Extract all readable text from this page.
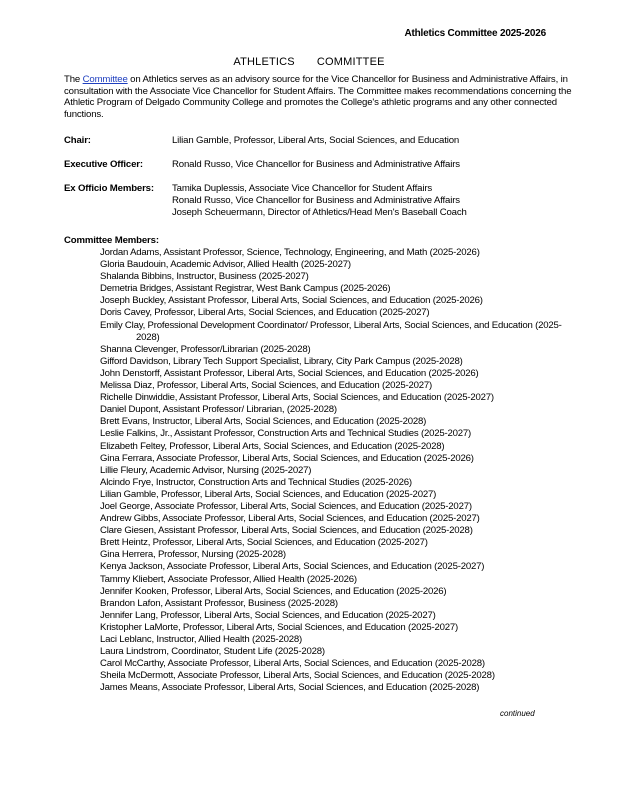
Athletics Committee 2025-2026
ATHLETICS COMMITTEE
The Committee on Athletics serves as an advisory source for the Vice Chancellor for Business and Administrative Affairs, in consultation with the Associate Vice Chancellor for Student Affairs. The Committee makes recommendations concerning the Athletic Program of Delgado Community College and promotes the College's athletic programs and any other connected functions.
Chair:	Lilian Gamble, Professor, Liberal Arts, Social Sciences, and Education
Executive Officer:	Ronald Russo, Vice Chancellor for Business and Administrative Affairs
Ex Officio Members: Tamika Duplessis, Associate Vice Chancellor for Student Affairs
Ronald Russo, Vice Chancellor for Business and Administrative Affairs
Joseph Scheuermann, Director of Athletics/Head Men's Baseball Coach
Committee Members:
Jordan Adams, Assistant Professor, Science, Technology, Engineering, and Math (2025-2026)
Gloria Baudouin, Academic Advisor, Allied Health (2025-2027)
Shalanda Bibbins, Instructor, Business (2025-2027)
Demetria Bridges, Assistant Registrar, West Bank Campus (2025-2026)
Joseph Buckley, Assistant Professor, Liberal Arts, Social Sciences, and Education (2025-2026)
Doris Cavey, Professor, Liberal Arts, Social Sciences, and Education (2025-2027)
Emily Clay, Professional Development Coordinator/ Professor, Liberal Arts, Social Sciences, and Education (2025-2028)
Shanna Clevenger, Professor/Librarian (2025-2028)
Gifford Davidson, Library Tech Support Specialist, Library, City Park Campus (2025-2028)
John Denstorff, Assistant Professor, Liberal Arts, Social Sciences, and Education (2025-2026)
Melissa Diaz, Professor, Liberal Arts, Social Sciences, and Education (2025-2027)
Richelle Dinwiddie, Assistant Professor, Liberal Arts, Social Sciences, and Education (2025-2027)
Daniel Dupont, Assistant Professor/ Librarian, (2025-2028)
Brett Evans, Instructor, Liberal Arts, Social Sciences, and Education (2025-2028)
Leslie Falkins, Jr., Assistant Professor, Construction Arts and Technical Studies (2025-2027)
Elizabeth Feltey, Professor, Liberal Arts, Social Sciences, and Education (2025-2028)
Gina Ferrara, Associate Professor, Liberal Arts, Social Sciences, and Education (2025-2026)
Lillie Fleury, Academic Advisor, Nursing (2025-2027)
Alcindo Frye, Instructor, Construction Arts and Technical Studies (2025-2026)
Lilian Gamble, Professor, Liberal Arts, Social Sciences, and Education (2025-2027)
Joel George, Associate Professor, Liberal Arts, Social Sciences, and Education (2025-2027)
Andrew Gibbs, Associate Professor, Liberal Arts, Social Sciences, and Education (2025-2027)
Clare Giesen, Assistant Professor, Liberal Arts, Social Sciences, and Education (2025-2028)
Brett Heintz, Professor, Liberal Arts, Social Sciences, and Education (2025-2027)
Gina Herrera, Professor, Nursing (2025-2028)
Kenya Jackson, Associate Professor, Liberal Arts, Social Sciences, and Education (2025-2027)
Tammy Kliebert, Associate Professor, Allied Health (2025-2026)
Jennifer Kooken, Professor, Liberal Arts, Social Sciences, and Education (2025-2026)
Brandon Lafon, Assistant Professor, Business (2025-2028)
Jennifer Lang, Professor, Liberal Arts, Social Sciences, and Education (2025-2027)
Kristopher LaMorte, Professor, Liberal Arts, Social Sciences, and Education (2025-2027)
Laci Leblanc, Instructor, Allied Health (2025-2028)
Laura Lindstrom, Coordinator, Student Life (2025-2028)
Carol McCarthy, Associate Professor, Liberal Arts, Social Sciences, and Education (2025-2028)
Sheila McDermott, Associate Professor, Liberal Arts, Social Sciences, and Education (2025-2028)
James Means, Associate Professor, Liberal Arts, Social Sciences, and Education (2025-2028)
continued
